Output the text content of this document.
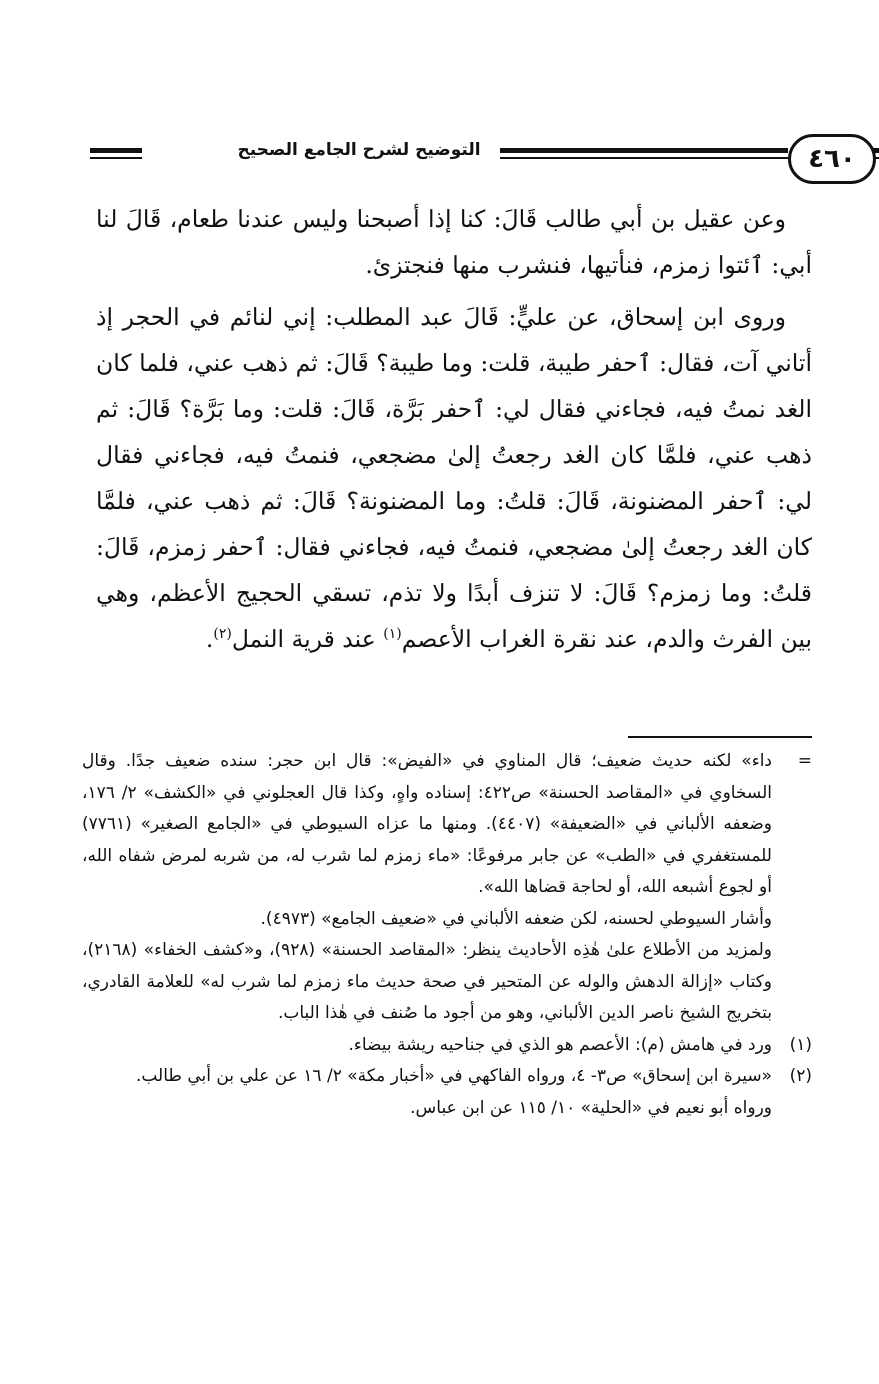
التوضيح لشرح الجامع الصحيح	٤٦٠

وعن عقيل بن أبي طالب قَالَ: كنا إذا أصبحنا وليس عندنا طعام، قَالَ لنا أبي: ٱئتوا زمزم، فنأتيها، فنشرب منها فنجتزئ.

وروى ابن إسحاق، عن عليٍّ: قَالَ عبد المطلب: إني لنائم في الحجر إذ أتاني آت، فقال: ٱحفر طيبة، قلت: وما طيبة؟ قَالَ: ثم ذهب عني، فلما كان الغد نمتُ فيه، فجاءني فقال لي: ٱحفر بَرَّة، قَالَ: قلت: وما بَرَّة؟ قَالَ: ثم ذهب عني، فلمَّا كان الغد رجعتُ إلىٰ مضجعي، فنمتُ فيه، فجاءني فقال لي: ٱحفر المضنونة، قَالَ: قلتُ: وما المضنونة؟ قَالَ: ثم ذهب عني، فلمَّا كان الغد رجعتُ إلىٰ مضجعي، فنمتُ فيه، فجاءني فقال: ٱحفر زمزم، قَالَ: قلتُ: وما زمزم؟ قَالَ: لا تنزف أبدًا ولا تذم، تسقي الحجيج الأعظم، وهي بين الفرث والدم، عند نقرة الغراب الأعصم$^{(١)}$ عند قرية النمل$^{(٢)}$.

=
داء» لكنه حديث ضعيف؛ قال المناوي في «الفيض»: قال ابن حجر: سنده ضعيف جدًا. وقال السخاوي في «المقاصد الحسنة» ص٤٢٢: إسناده واهٍ، وكذا قال العجلوني في «الكشف» ٢/ ١٧٦، وضعفه الألباني في «الضعيفة» (٤٤٠٧). ومنها ما عزاه السيوطي في «الجامع الصغير» (٧٧٦١) للمستغفري في «الطب» عن جابر مرفوعًا: «ماء زمزم لما شرب له، من شربه لمرض شفاه الله، أو لجوع أشبعه الله، أو لحاجة قضاها الله».
وأشار السيوطي لحسنه، لكن ضعفه الألباني في «ضعيف الجامع» (٤٩٧٣).
ولمزيد من الأطلاع علىٰ هٰذِه الأحاديث ينظر: «المقاصد الحسنة» (٩٢٨)، و«كشف الخفاء» (٢١٦٨)، وكتاب «إزالة الدهش والوله عن المتحير في صحة حديث ماء زمزم لما شرب له» للعلامة القادري، بتخريج الشيخ ناصر الدين الألباني، وهو من أجود ما صُنف في هٰذا الباب.
(١)
ورد في هامش (م): الأعصم هو الذي في جناحيه ريشة بيضاء.
(٢)
«سيرة ابن إسحاق» ص٣- ٤، ورواه الفاكهي في «أخبار مكة» ٢/ ١٦ عن علي بن أبي طالب.
ورواه أبو نعيم في «الحلية» ١٠/ ١١٥ عن ابن عباس.
